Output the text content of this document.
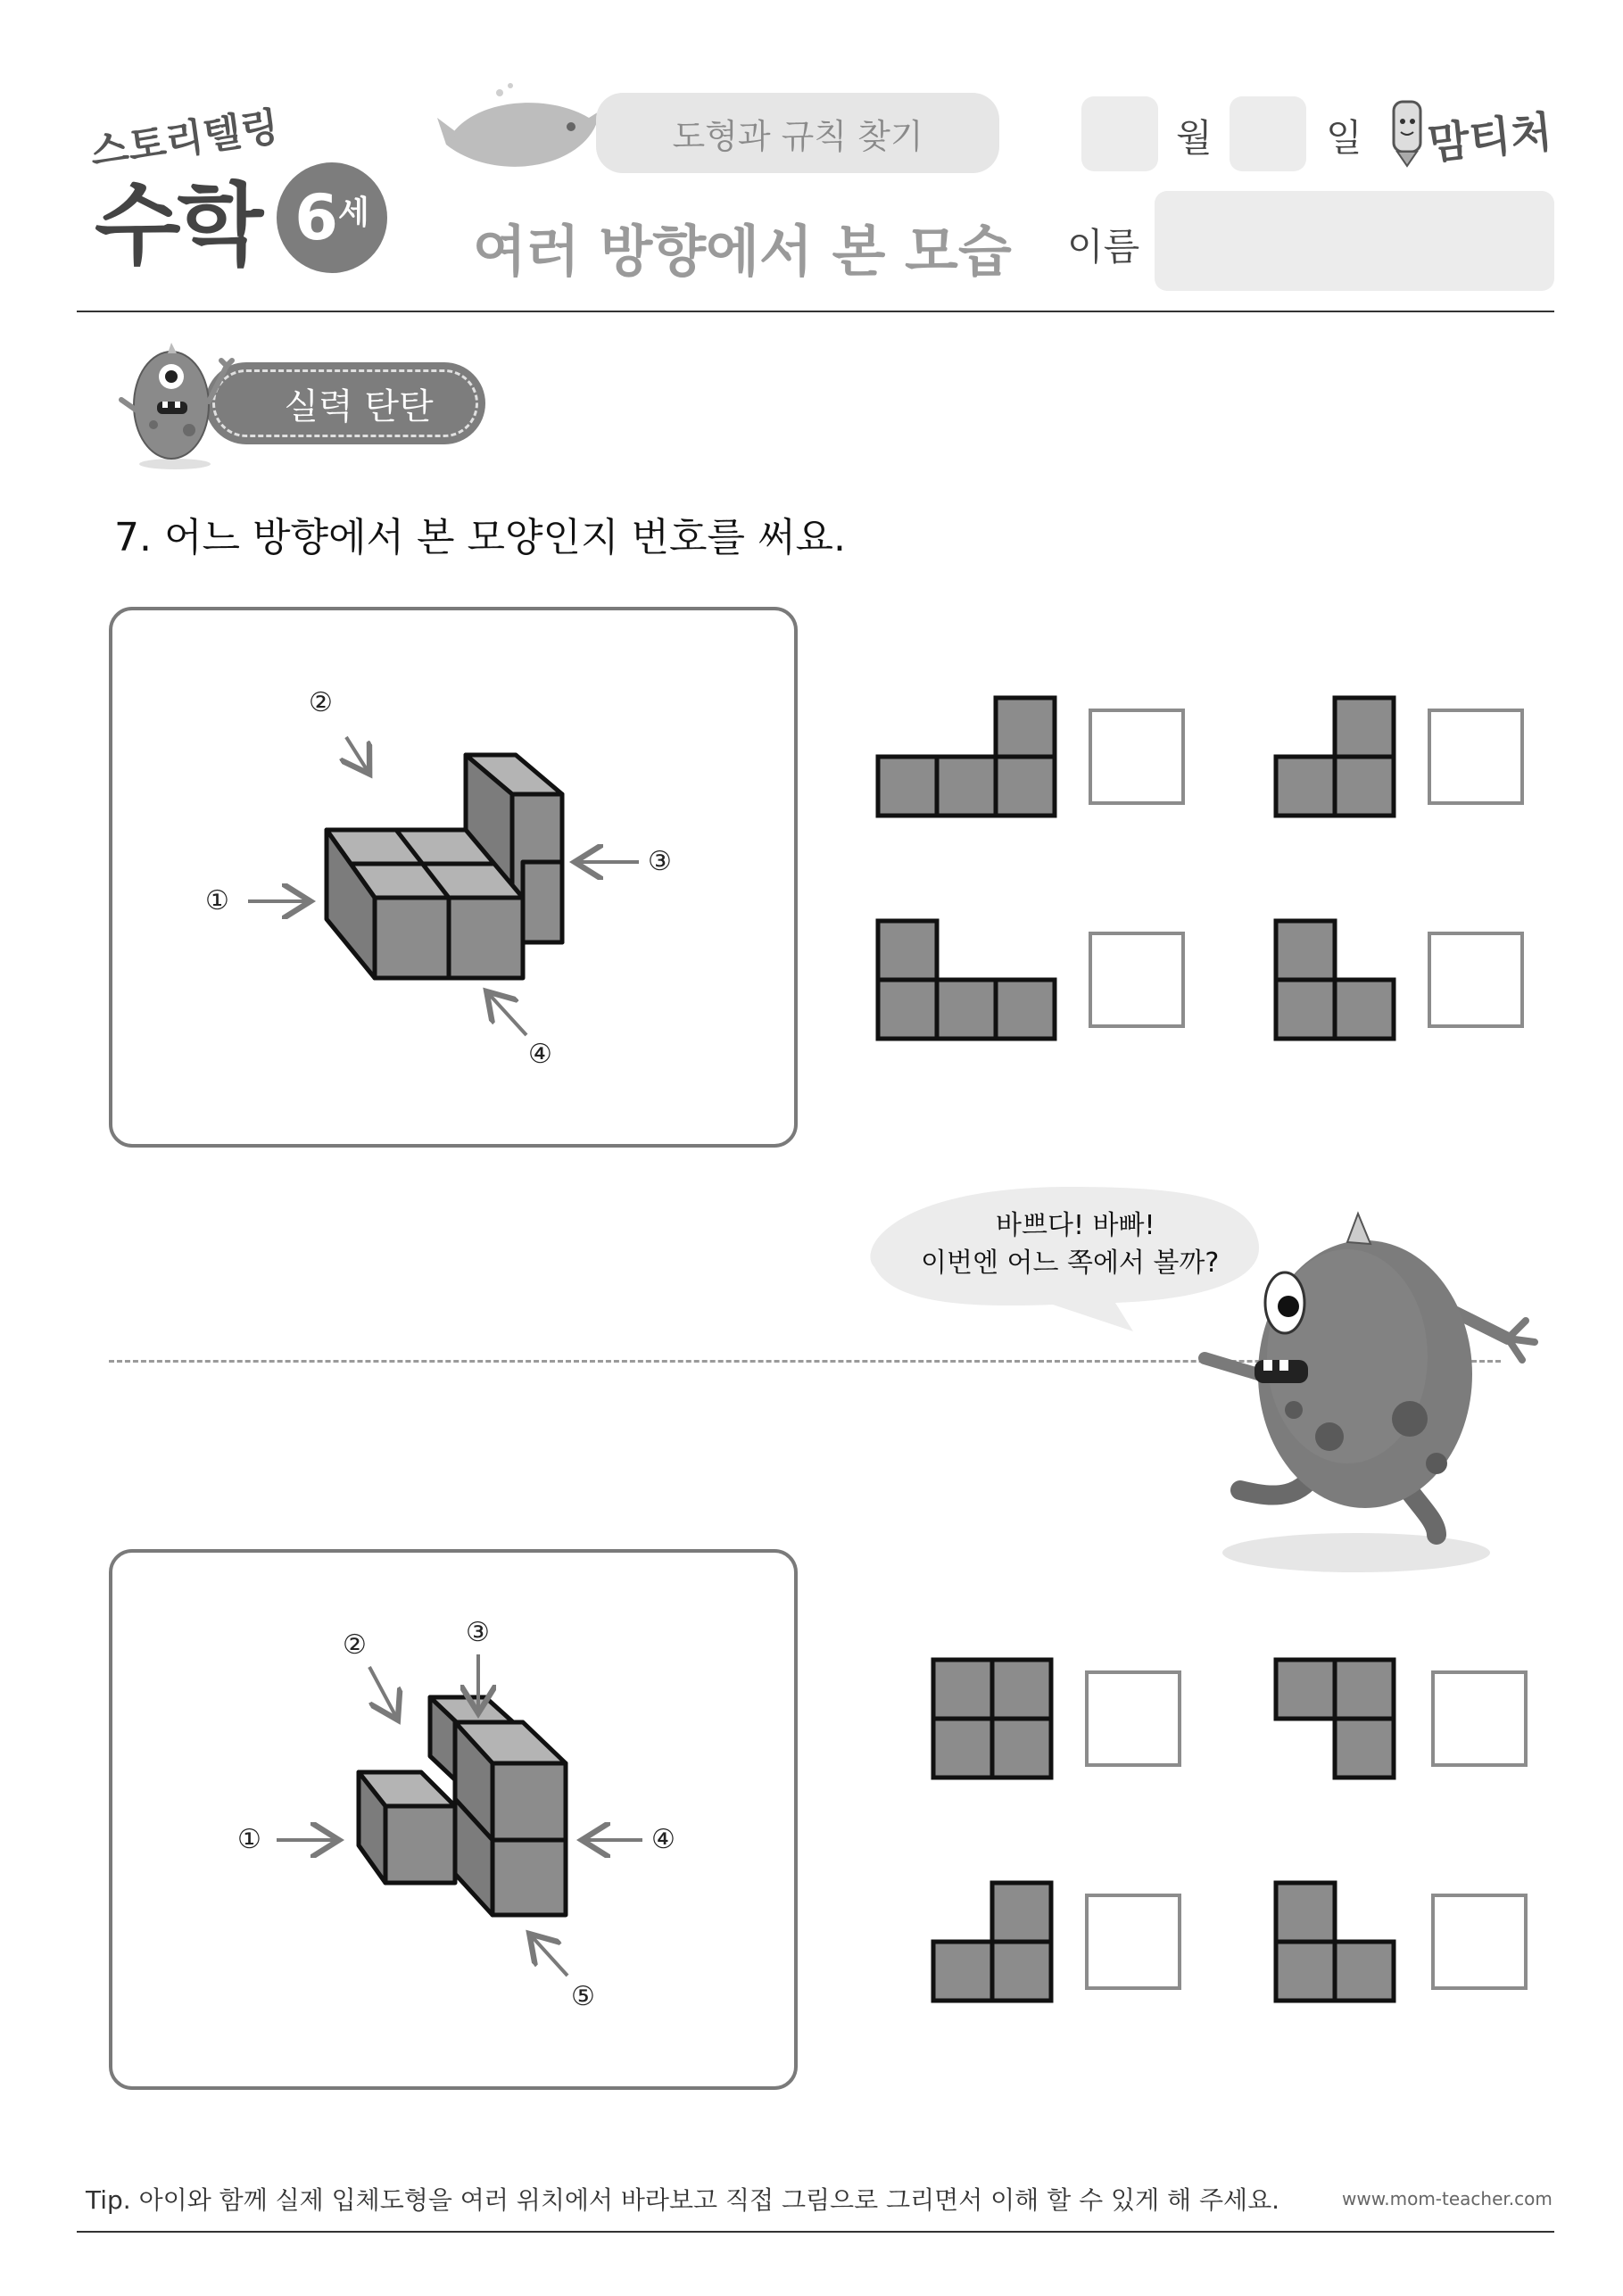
스토리텔링
수학 6 세
도형과 규칙 찾기
여러 방향에서 본 모습
월	일 맘티처
이름
실력 탄탄
7. 어느 방향에서 본 모양인지 번호를 써요.
①
②
③
④
바쁘다! 바빠!
이번엔 어느 쪽에서 볼까?
①
②	③
④
⑤
Tip. 아이와 함께 실제 입체도형을 여러 위치에서 바라보고 직접 그림으로 그리면서 이해 할 수 있게 해 주세요.	www.mom-teacher.com
